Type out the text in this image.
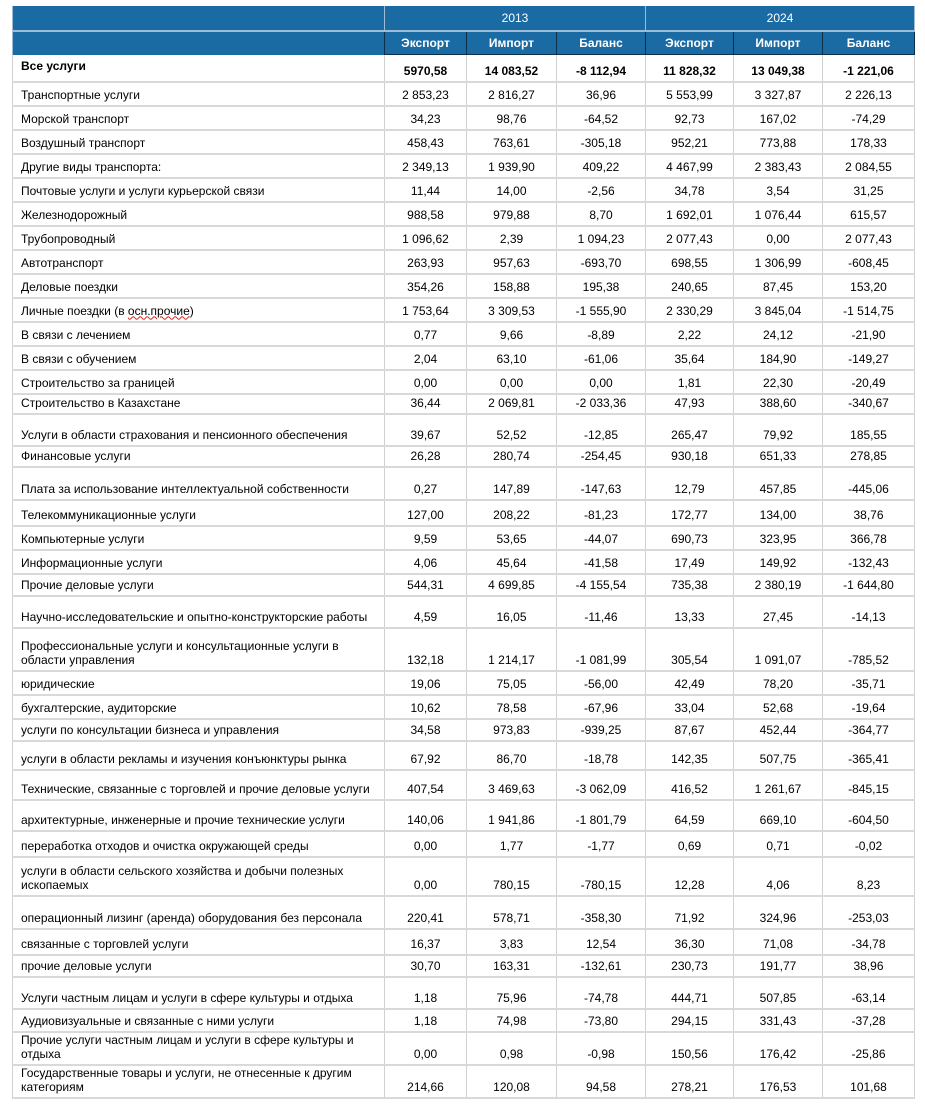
	2013			2024		
	Экспорт	Импорт	Баланс	Экспорт	Импорт	Баланс
Все услуги	5970,58	14 083,52	-8 112,94	11 828,32	13 049,38	-1 221,06
Транспортные услуги	2 853,23	2 816,27	36,96	5 553,99	3 327,87	2 226,13
Морской транспорт	34,23	98,76	-64,52	92,73	167,02	-74,29
Воздушный транспорт	458,43	763,61	-305,18	952,21	773,88	178,33
Другие виды транспорта:	2 349,13	1 939,90	409,22	4 467,99	2 383,43	2 084,55
Почтовые услуги и услуги курьерской связи	11,44	14,00	-2,56	34,78	3,54	31,25
Железнодорожный	988,58	979,88	8,70	1 692,01	1 076,44	615,57
Трубопроводный	1 096,62	2,39	1 094,23	2 077,43	0,00	2 077,43
Автотранспорт	263,93	957,63	-693,70	698,55	1 306,99	-608,45
Деловые поездки	354,26	158,88	195,38	240,65	87,45	153,20
Личные поездки (в осн.прочие)	1 753,64	3 309,53	-1 555,90	2 330,29	3 845,04	-1 514,75
В связи с лечением	0,77	9,66	-8,89	2,22	24,12	-21,90
В связи с обучением	2,04	63,10	-61,06	35,64	184,90	-149,27
Строительство за границей	0,00	0,00	0,00	1,81	22,30	-20,49
Строительство в Казахстане	36,44	2 069,81	-2 033,36	47,93	388,60	-340,67
Услуги в области страхования и пенсионного обеспечения	39,67	52,52	-12,85	265,47	79,92	185,55
Финансовые услуги	26,28	280,74	-254,45	930,18	651,33	278,85
Плата за использование интеллектуальной собственности	0,27	147,89	-147,63	12,79	457,85	-445,06
Телекоммуникационные услуги	127,00	208,22	-81,23	172,77	134,00	38,76
Компьютерные услуги	9,59	53,65	-44,07	690,73	323,95	366,78
Информационные услуги	4,06	45,64	-41,58	17,49	149,92	-132,43
Прочие деловые услуги	544,31	4 699,85	-4 155,54	735,38	2 380,19	-1 644,80
Научно-исследовательские и опытно-конструкторские работы	4,59	16,05	-11,46	13,33	27,45	-14,13
Профессиональные услуги и консультационные услуги в области управления	132,18	1 214,17	-1 081,99	305,54	1 091,07	-785,52
юридические	19,06	75,05	-56,00	42,49	78,20	-35,71
бухгалтерские, аудиторские	10,62	78,58	-67,96	33,04	52,68	-19,64
услуги по консультации бизнеса и управления	34,58	973,83	-939,25	87,67	452,44	-364,77
услуги в области рекламы и изучения конъюнктуры рынка	67,92	86,70	-18,78	142,35	507,75	-365,41
Технические, связанные с торговлей и прочие деловые услуги	407,54	3 469,63	-3 062,09	416,52	1 261,67	-845,15
архитектурные, инженерные и прочие технические услуги	140,06	1 941,86	-1 801,79	64,59	669,10	-604,50
переработка отходов и очистка окружающей среды	0,00	1,77	-1,77	0,69	0,71	-0,02
услуги в области сельского хозяйства и добычи полезных ископаемых	0,00	780,15	-780,15	12,28	4,06	8,23
операционный лизинг (аренда) оборудования без персонала	220,41	578,71	-358,30	71,92	324,96	-253,03
связанные с торговлей услуги	16,37	3,83	12,54	36,30	71,08	-34,78
прочие деловые услуги	30,70	163,31	-132,61	230,73	191,77	38,96
Услуги частным лицам и услуги в сфере культуры и отдыха	1,18	75,96	-74,78	444,71	507,85	-63,14
Аудиовизуальные и связанные с ними услуги	1,18	74,98	-73,80	294,15	331,43	-37,28
Прочие услуги частным лицам и услуги в сфере культуры и отдыха	0,00	0,98	-0,98	150,56	176,42	-25,86
Государственные товары и услуги, не отнесенные к другим категориям	214,66	120,08	94,58	278,21	176,53	101,68
